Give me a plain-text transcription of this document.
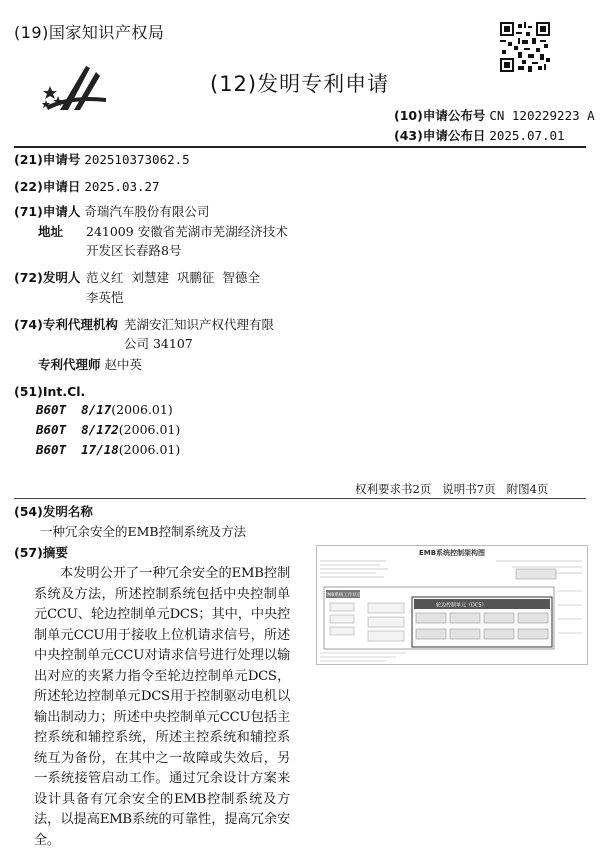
(19)国家知识产权局
(12)发明专利申请
(10)申请公布号 CN 120229223 A
(43)申请公布日 2025.07.01
(21)申请号 202510373062.5
(22)申请日 2025.03.27
(71)申请人 奇瑞汽车股份有限公司
地址 241009 安徽省芜湖市芜湖经济技术
开发区长春路8号
(72)发明人 范义红  刘慧建  巩鹏征  智德全
李英恺
(74)专利代理机构 芜湖安汇知识产权代理有限
公司 34107
专利代理师 赵中英
(51)Int.Cl.
B60T  8/17(2006.01)
B60T  8/172(2006.01)
B60T  17/18(2006.01)
权利要求书2页   说明书7页   附图4页
(54)发明名称
一种冗余安全的EMB控制系统及方法
(57)摘要
本发明公开了一种冗余安全的EMB控制系统及方法，所述控制系统包括中央控制单元CCU、轮边控制单元DCS；其中，中央控制单元CCU用于接收上位机请求信号，所述中央控制单元CCU对请求信号进行处理以输出对应的夹紧力指令至轮边控制单元DCS，所述轮边控制单元DCS用于控制驱动电机以输出制动力；所述中央控制单元CCU包括主控系统和辅控系统，所述主控系统和辅控系统互为备份，在其中之一故障或失效后，另一系统接管启动工作。通过冗余设计方案来设计具备有冗余安全的EMB控制系统及方法，以提高EMB系统的可靠性，提高冗余安全。
EMB系统控制架构图
EMB系统工作状态
轮边控制单元（DCS）
